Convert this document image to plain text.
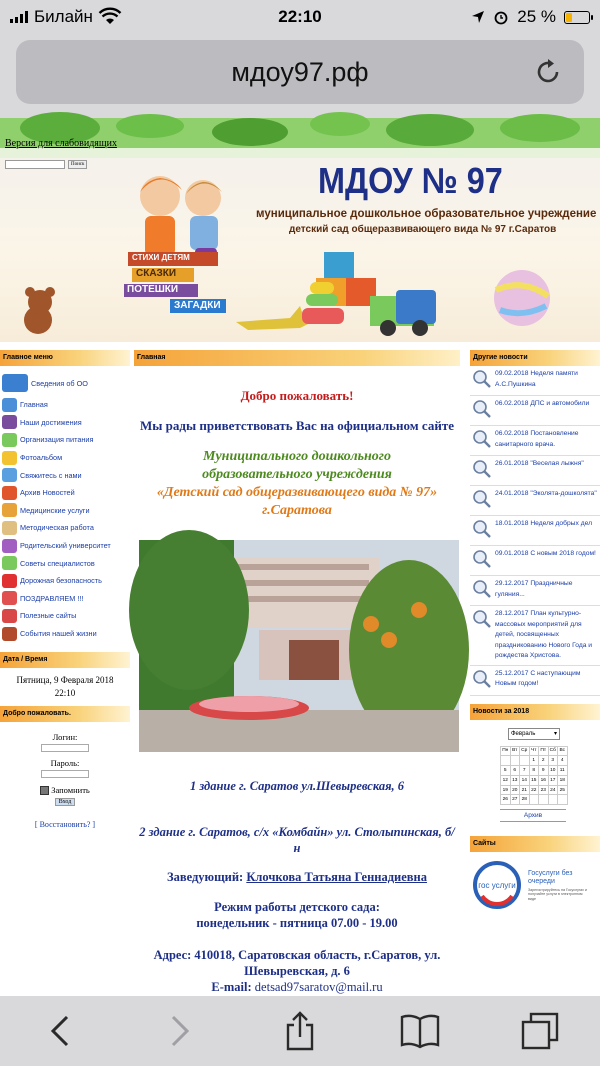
Билайн	22:10	25 %
мдоу97.рф
Версия для слабовидящих
Поиск	МДОУ № 97
муниципальное дошкольное образовательное учреждение
детский сад общеразвивающего вида № 97 г.Саратов
СТИХИ ДЕТЯМ
СКАЗКИ
ПОТЕШКИ
ЗАГАДКИ
Главное меню
Сведения об ОО
Главная
Наши достижения
Организация питания
Фотоальбом
Свяжитесь с нами
Архив Новостей
Медицинские услуги
Методическая работа
Родительский университет
Советы специалистов
Дорожная безопасность
ПОЗДРАВЛЯЕМ !!!
Полезные сайты
События нашей жизни
Дата / Время
Пятница, 9 Февраля 2018
22:10
Добро пожаловать.
Логин:
Пароль:
Запомнить
Вход
[ Восстановить? ]
Главная
Добро пожаловать!
Мы рады приветствовать Вас на официальном сайте
Муниципального дошкольного
образовательного учреждения
«Детский сад общеразвивающего вида № 97»
г.Саратова
1 здание г. Саратов ул.Шевыревская, 6
2 здание г. Саратов, с/х «Комбайн» ул. Столыпинская, б/н
Заведующий: Клочкова Татьяна Геннадиевна
Режим работы детского сада:
понедельник - пятница 07.00 - 19.00
Адрес: 410018, Саратовская область, г.Саратов, ул. Шевыревская, д. 6
E-mail: detsad97saratov@mail.ru
Другие новости
09.02.2018 Неделя памяти А.С.Пушкина
06.02.2018 ДПС и автомобили
06.02.2018 Постановление санитарного врача.
26.01.2018 "Веселая лыжня"
24.01.2018 "Эколята-дошколята"
18.01.2018 Неделя добрых дел
09.01.2018 С новым 2018 годом!
29.12.2017 Праздничные гуляния...
28.12.2017 План культурно-массовых мероприятий для детей, посвященных праздникованию Нового Года и рождества Христова.
25.12.2017 С наступающим Новым годом!
Новости за 2018
Февраль	▾
Пн	Вт	Ср	Чт	Пт	Сб	Вс
			1	2	3	4
5	6	7	8	9	10	11
12	13	14	15	16	17	18
19	20	21	22	23	24	25
26	27	28				
Архив
Сайты
гос услуги
Госуслуги без очереди
Зарегистрируйтесь на Госуслугах и получайте услуги в электронном виде
